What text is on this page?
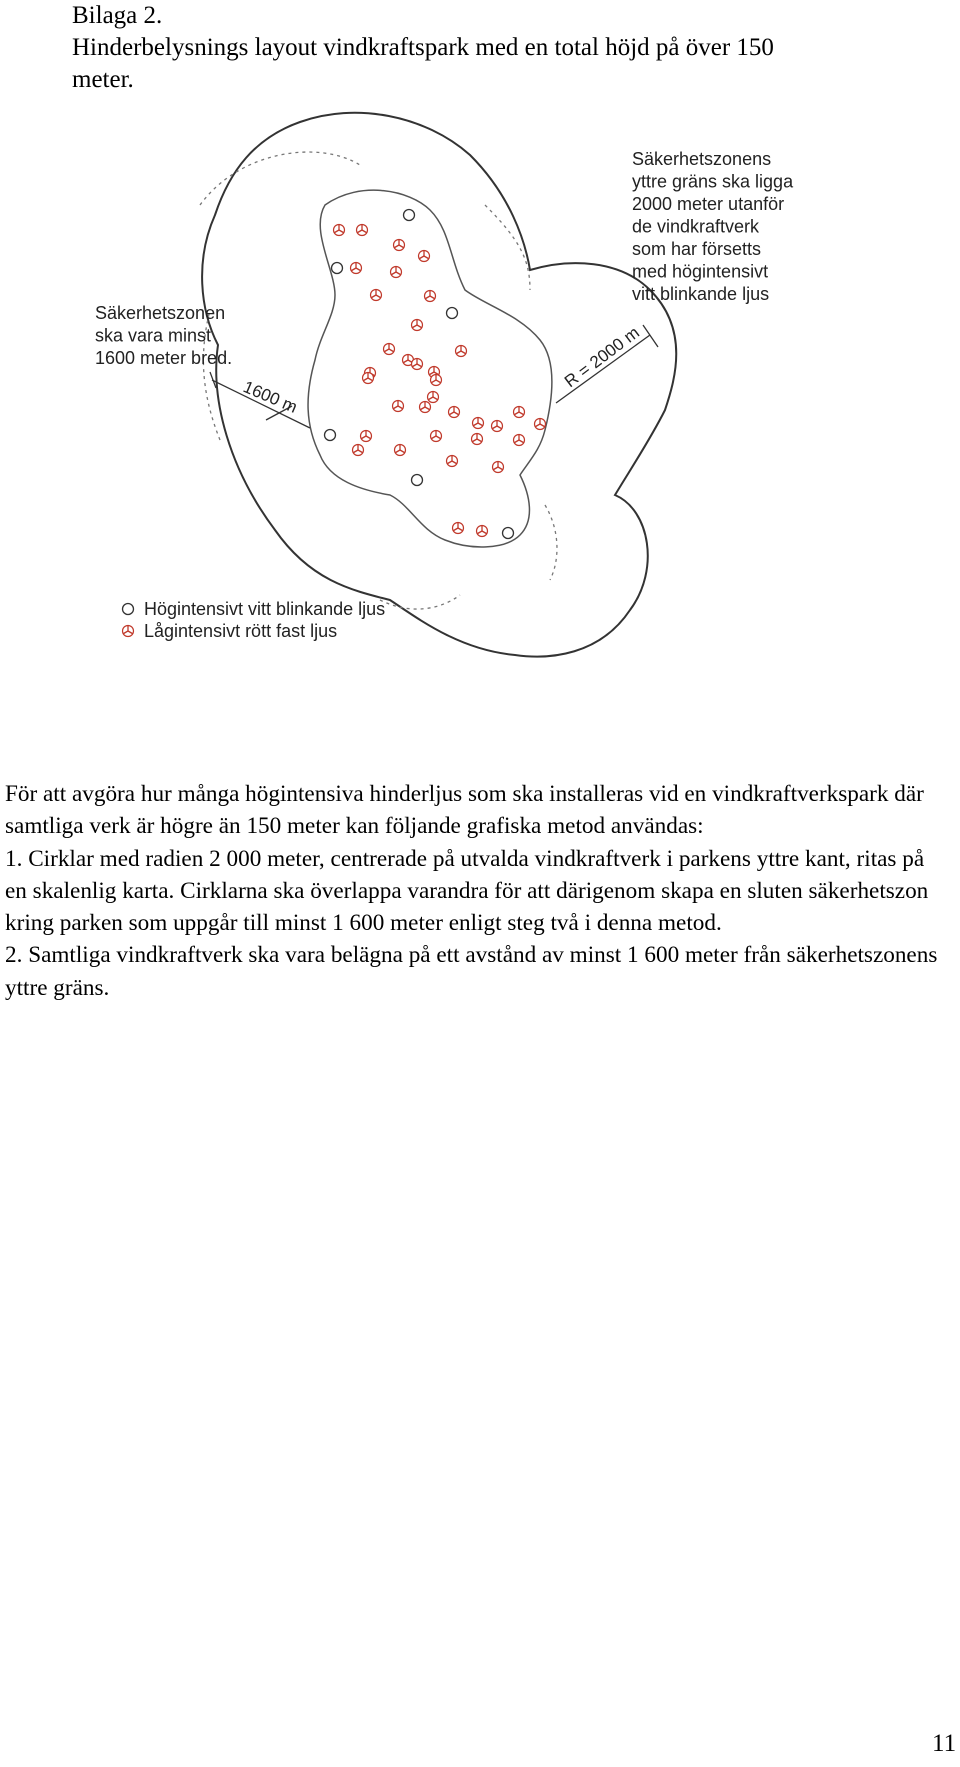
Bilaga 2.
Hinderbelysnings layout vindkraftspark med en total höjd på över 150
meter.
R = 2000 m
1600 m
Säkerhetszonens yttre gräns ska ligga 2000 meter utanför de vindkraftverk som har försetts med högintensivt vitt blinkande ljus
Säkerhetszonen ska vara minst 1600 meter bred.
Högintensivt vitt blinkande ljus
Lågintensivt rött fast ljus

För att avgöra hur många högintensiva hinderljus som ska installeras vid en vindkraftverkspark där samtliga verk är högre än 150 meter kan följande grafiska metod användas:

1. Cirklar med radien 2 000 meter, centrerade på utvalda vindkraftverk i parkens yttre kant, ritas på en skalenlig karta. Cirklarna ska överlappa varandra för att därigenom skapa en sluten säkerhetszon kring parken som uppgår till minst 1 600 meter enligt steg två i denna metod.

2. Samtliga vindkraftverk ska vara belägna på ett avstånd av minst 1 600 meter från säkerhetszonens yttre gräns.

11
